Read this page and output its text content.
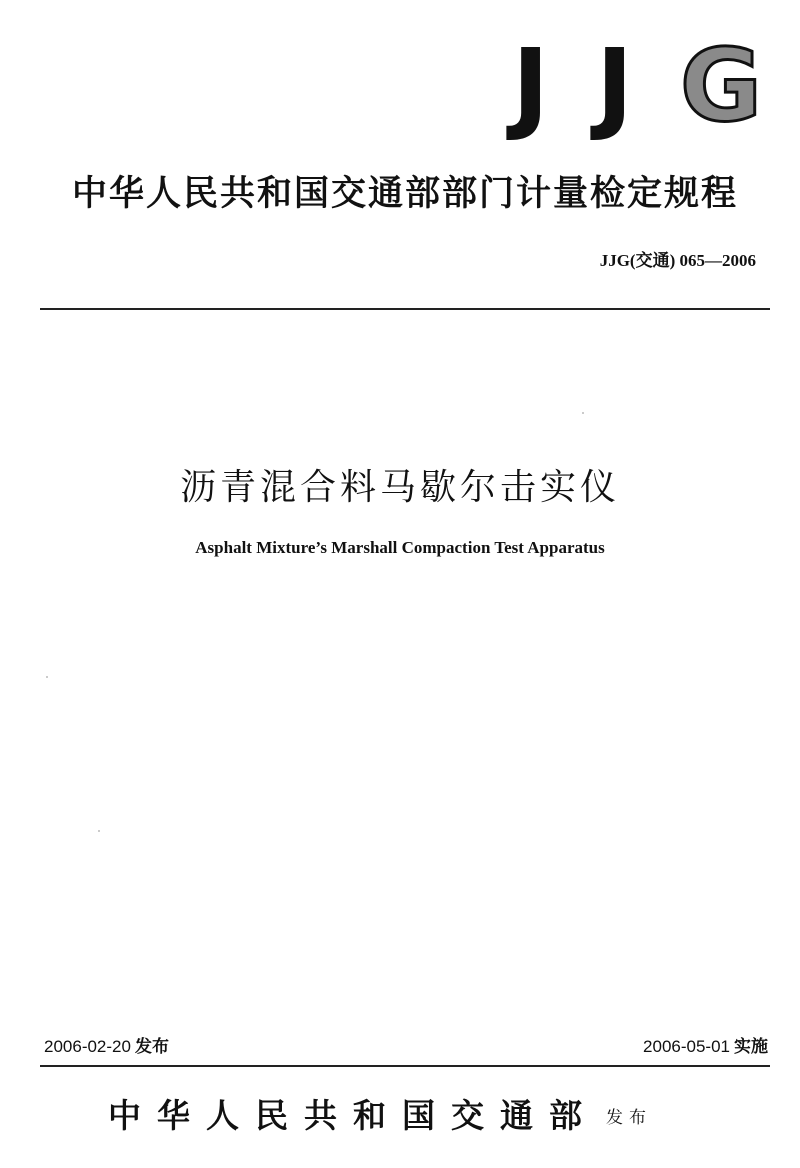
J J G
中华人民共和国交通部部门计量检定规程
JJG(交通) 065—2006
沥青混合料马歇尔击实仪
Asphalt Mixture’s Marshall Compaction Test Apparatus
2006-02-20 发布	2006-05-01 实施
中华人民共和国交通部 发布
